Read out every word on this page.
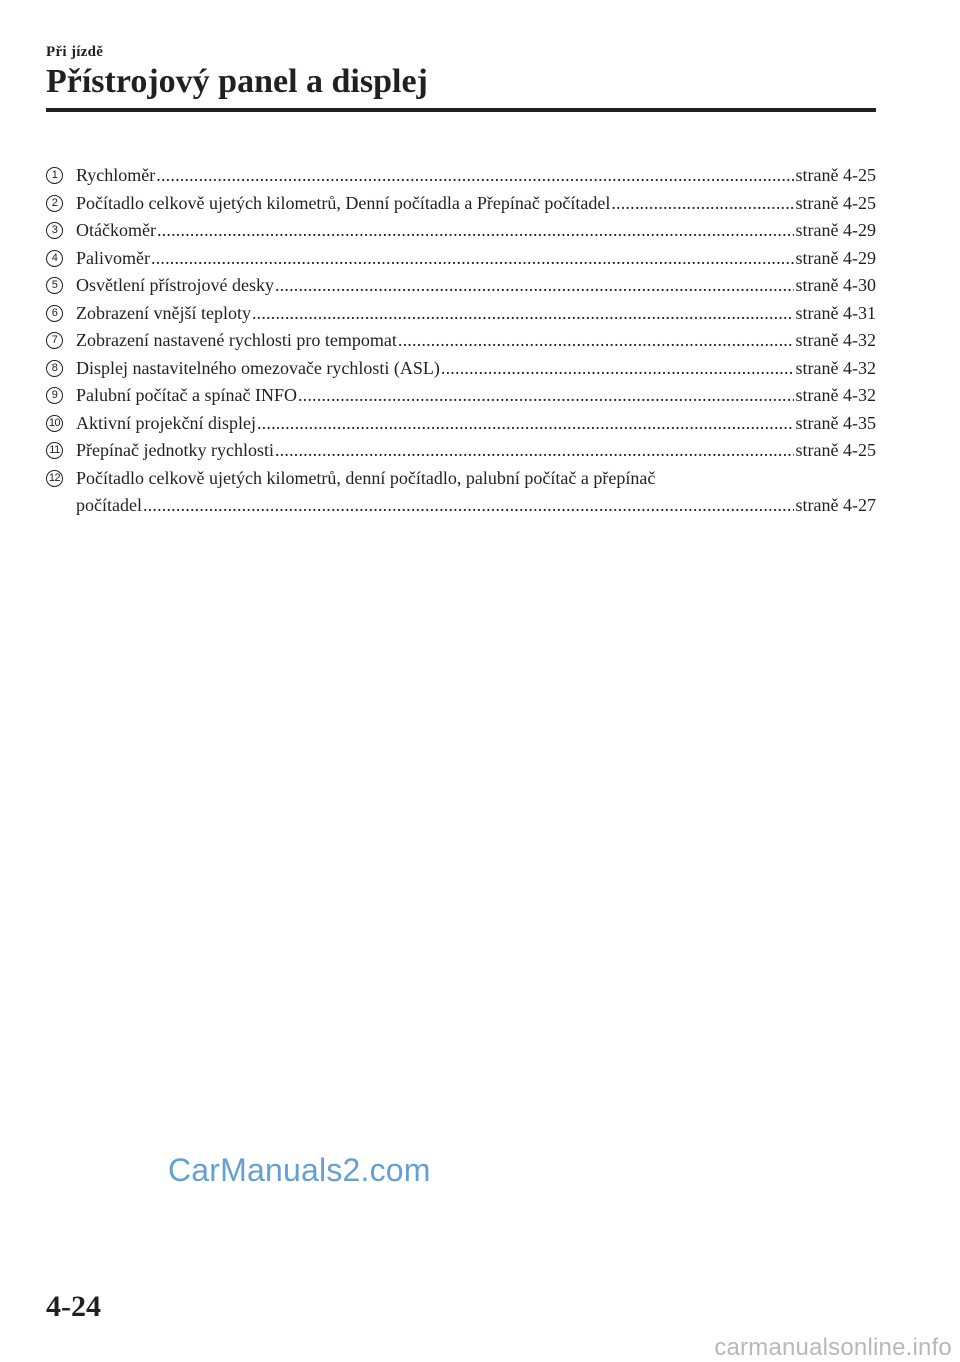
Při jízdě
Přístrojový panel a displej
1	Rychloměr .....	straně 4-25
2	Počítadlo celkově ujetých kilometrů, Denní počítadla a Přepínač počítadel .....	straně 4-25
3	Otáčkoměr .....	straně 4-29
4	Palivoměr .....	straně 4-29
5	Osvětlení přístrojové desky .....	straně 4-30
6	Zobrazení vnější teploty .....	straně 4-31
7	Zobrazení nastavené rychlosti pro tempomat .....	straně 4-32
8	Displej nastavitelného omezovače rychlosti (ASL) .....	straně 4-32
9	Palubní počítač a spínač INFO .....	straně 4-32
10 Aktivní projekční displej .....	straně 4-35
11 Přepínač jednotky rychlosti .....	straně 4-25
12 Počítadlo celkově ujetých kilometrů, denní počítadlo, palubní počítač a přepínač
počítadel .....	straně 4-27
CarManuals2.com
4-24
carmanualsonline.info
